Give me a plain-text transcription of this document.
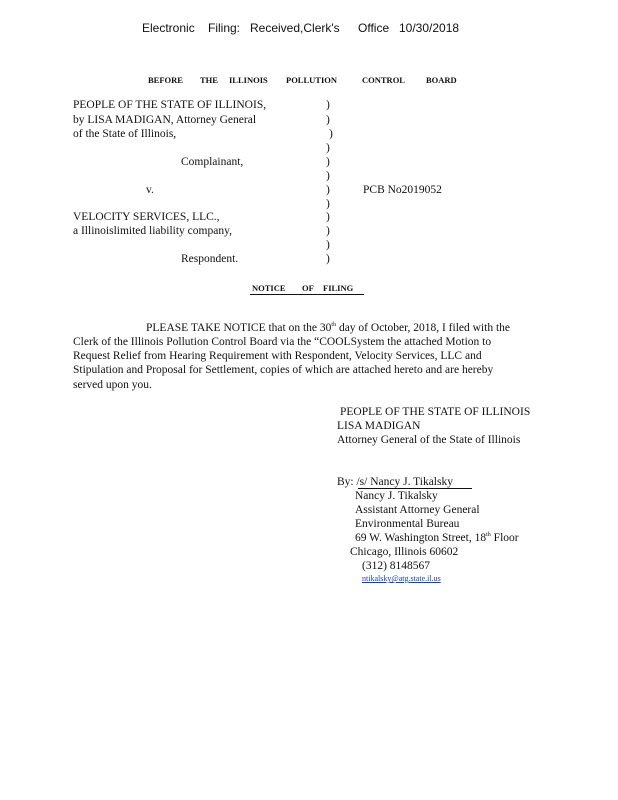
Electronic Filing: Received,Clerk's Office 10/30/2018
BEFORE THE ILLINOIS POLLUTION	CONTROL BOARD
PEOPLE OF THE STATE OF ILLINOIS,
by LISA MADIGAN, Attorney General
of the State of Illinois,
Complainant,
v.
VELOCITY SERVICES, LLC.,
a Illinoislimited liability company,
Respondent.
)
)
)
)
)
)
)
)
)
)
)
)
PCB No2019052
NOTICE OF FILING
PLEASE TAKE NOTICE that on the 30th day of October, 2018, I filed with the
Clerk of the Illinois Pollution Control Board via the “COOLSystem the attached Motion to
Request Relief from Hearing Requirement with Respondent, Velocity Services, LLC and
Stipulation and Proposal for Settlement, copies of which are attached hereto and are hereby
served upon you.
PEOPLE OF THE STATE OF ILLINOIS
LISA MADIGAN
Attorney General of the State of Illinois
By: /s/ Nancy J. Tikalsky
Nancy J. Tikalsky
Assistant Attorney General
Environmental Bureau
69 W. Washington Street, 18th Floor
Chicago, Illinois 60602
(312) 8148567
ntikalsky@atg.state.il.us
